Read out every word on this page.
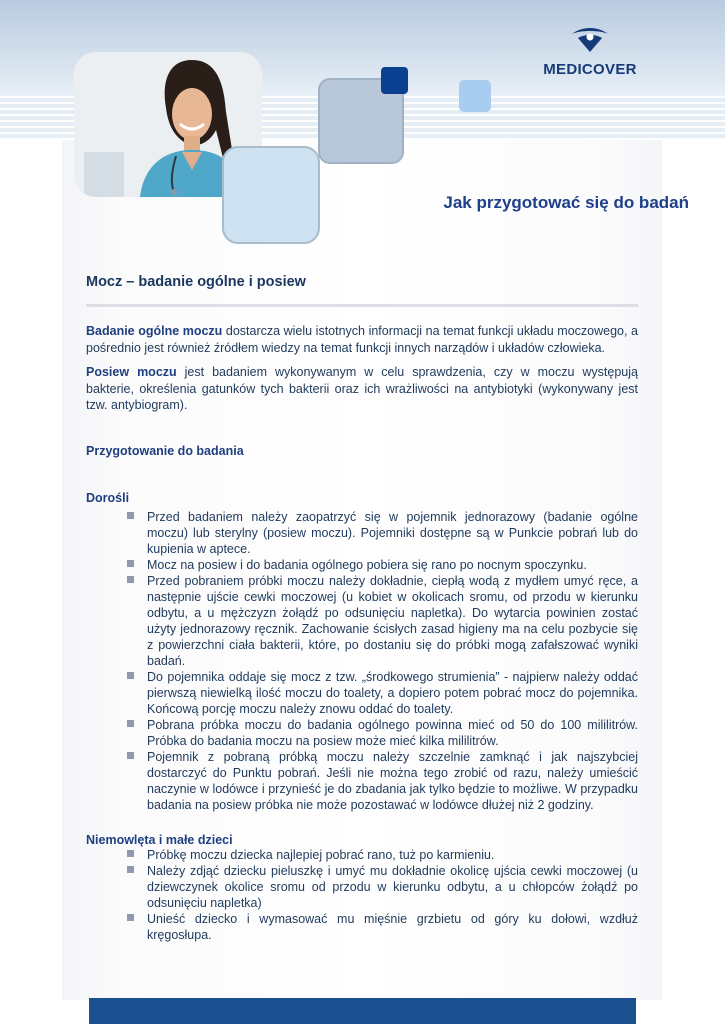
MEDICOVER
Jak przygotować się do badań
Mocz – badanie ogólne i posiew

Badanie ogólne moczu dostarcza wielu istotnych informacji na temat funkcji układu moczowego, a pośrednio jest również źródłem wiedzy na temat funkcji innych narządów i układów człowieka.

Posiew moczu jest badaniem wykonywanym w celu sprawdzenia, czy w moczu występują bakterie, określenia gatunków tych bakterii oraz ich wrażliwości na antybiotyki (wykonywany jest tzw. antybiogram).

Przygotowanie do badania

Dorośli

Przed badaniem należy zaopatrzyć się w pojemnik jednorazowy (badanie ogólne moczu) lub sterylny (posiew moczu). Pojemniki dostępne są w Punkcie pobrań lub do kupienia w aptece.
Mocz na posiew i do badania ogólnego pobiera się rano po nocnym spoczynku.
Przed pobraniem próbki moczu należy dokładnie, ciepłą wodą z mydłem umyć ręce, a następnie ujście cewki moczowej (u kobiet w okolicach sromu, od przodu w kierunku odbytu, a u mężczyzn żołądź po odsunięciu napletka). Do wytarcia powinien zostać użyty jednorazowy ręcznik. Zachowanie ścisłych zasad higieny ma na celu pozbycie się z powierzchni ciała bakterii, które, po dostaniu się do próbki mogą zafałszować wyniki badań.
Do pojemnika oddaje się mocz z tzw. „środkowego strumienia” - najpierw należy oddać pierwszą niewielką ilość moczu do toalety, a dopiero potem pobrać mocz do pojemnika. Końcową porcję moczu należy znowu oddać do toalety.
Pobrana próbka moczu do badania ogólnego powinna mieć od 50 do 100 mililitrów. Próbka do badania moczu na posiew może mieć kilka mililitrów.
Pojemnik z pobraną próbką moczu należy szczelnie zamknąć i jak najszybciej dostarczyć do Punktu pobrań. Jeśli nie można tego zrobić od razu, należy umieścić naczynie w lodówce i przynieść je do zbadania jak tylko będzie to możliwe. W przypadku badania na posiew próbka nie może pozostawać w lodówce dłużej niż 2 godziny.

Niemowlęta i małe dzieci

Próbkę moczu dziecka najlepiej pobrać rano, tuż po karmieniu.
Należy zdjąć dziecku pieluszkę i umyć mu dokładnie okolicę ujścia cewki moczowej (u dziewczynek okolice sromu od przodu w kierunku odbytu, a u chłopców żołądź po odsunięciu napletka)
Unieść dziecko i wymasować mu mięśnie grzbietu od góry ku dołowi, wzdłuż kręgosłupa.
